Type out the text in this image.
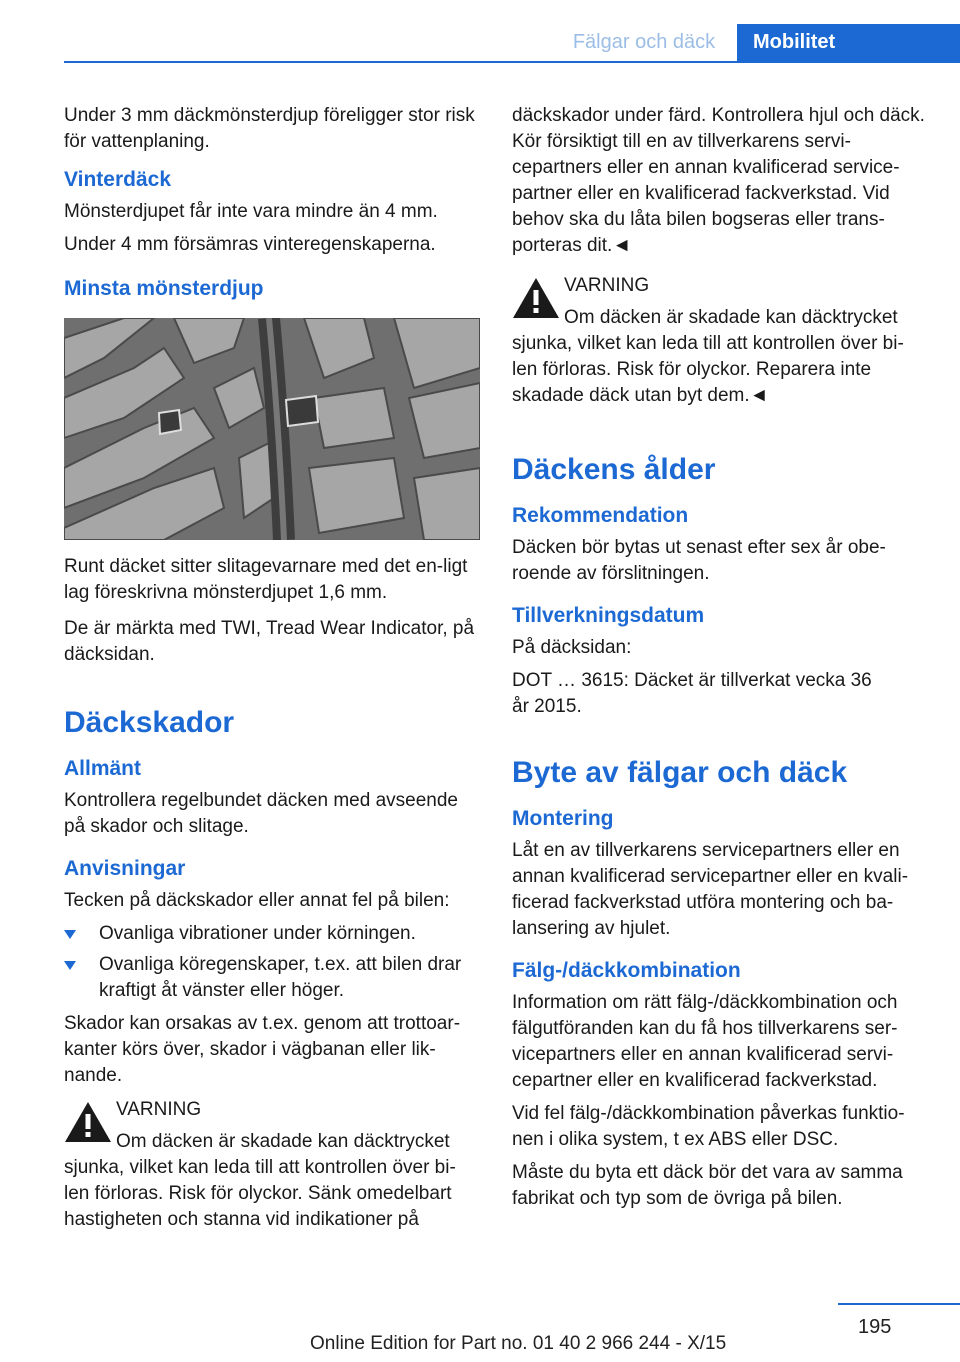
Fälgar och däck	Mobilitet

Under 3 mm däckmönsterdjup föreligger stor risk för vattenplaning.

Vinterdäck

Mönsterdjupet får inte vara mindre än 4 mm.

Under 4 mm försämras vinteregenskaperna.

Minsta mönsterdjup

Runt däcket sitter slitagevarnare med det en-ligt lag föreskrivna mönsterdjupet 1,6 mm.

De är märkta med TWI, Tread Wear Indicator, på däcksidan.

Däckskador
Allmänt

Kontrollera regelbundet däcken med avseende på skador och slitage.

Anvisningar

Tecken på däckskador eller annat fel på bilen:

Ovanliga vibrationer under körningen.
Ovanliga köregenskaper, t.ex. att bilen drar kraftigt åt vänster eller höger.

Skador kan orsakas av t.ex. genom att trottoar-kanter körs över, skador i vägbanan eller lik-nande.

VARNING
Om däcken är skadade kan däcktrycket sjunka, vilket kan leda till att kontrollen över bi-len förloras. Risk för olyckor. Sänk omedelbart hastigheten och stanna vid indikationer på

däckskador under färd. Kontrollera hjul och däck. Kör försiktigt till en av tillverkarens servi-cepartners eller en annan kvalificerad service-partner eller en kvalificerad fackverkstad. Vid behov ska du låta bilen bogseras eller trans-porteras dit.◄

VARNING
Om däcken är skadade kan däcktrycket sjunka, vilket kan leda till att kontrollen över bi-len förloras. Risk för olyckor. Reparera inte skadade däck utan byt dem.◄
Däckens ålder
Rekommendation

Däcken bör bytas ut senast efter sex år obe-roende av förslitningen.

Tillverkningsdatum

På däcksidan:

DOT … 3615: Däcket är tillverkat vecka 36 år 2015.

Byte av fälgar och däck
Montering

Låt en av tillverkarens servicepartners eller en annan kvalificerad servicepartner eller en kvali-ficerad fackverkstad utföra montering och ba-lansering av hjulet.

Fälg-/däckkombination

Information om rätt fälg-/däckkombination och fälgutföranden kan du få hos tillverkarens ser-vicepartners eller en annan kvalificerad servi-cepartner eller en kvalificerad fackverkstad.

Vid fel fälg-/däckkombination påverkas funktio-nen i olika system, t ex ABS eller DSC.

Måste du byta ett däck bör det vara av samma fabrikat och typ som de övriga på bilen.

195
Online Edition for Part no. 01 40 2 966 244 - X/15
